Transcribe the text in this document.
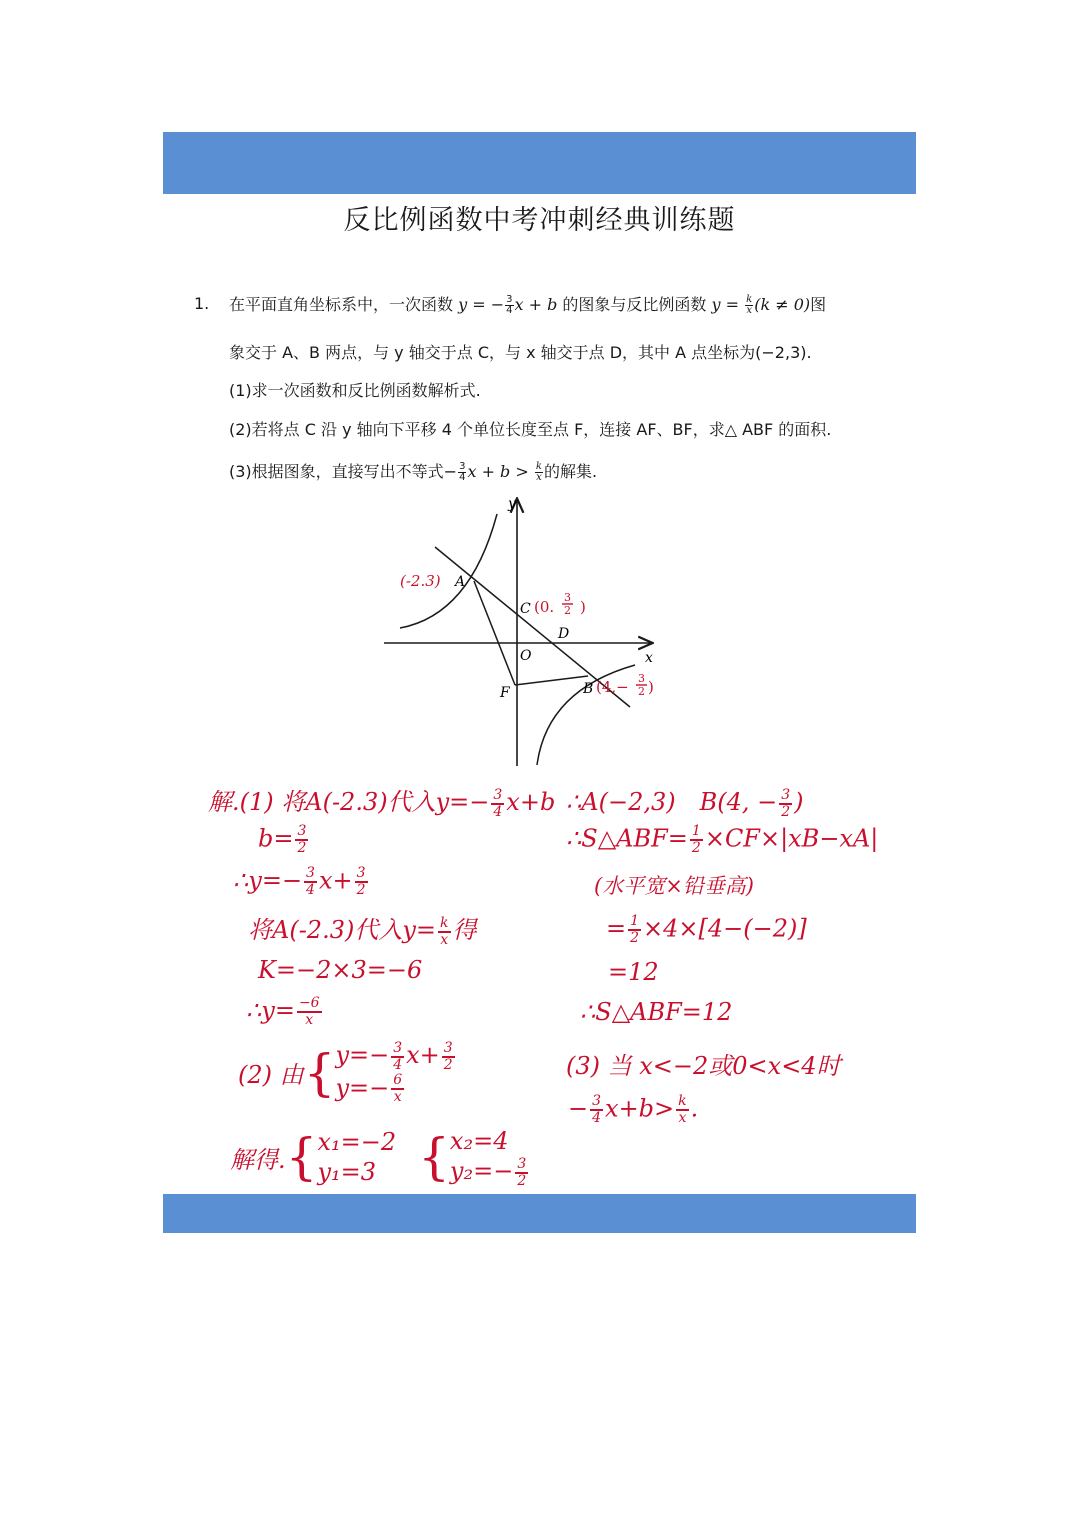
反比例函数中考冲刺经典训练题
1. 在平面直角坐标系中，一次函数 y = − $\frac{3}{4}$ x + b 的图象与反比例函数 $y = \frac{k}{x} (k \ne 0)$图
象交于 A、B 两点，与 y 轴交于点 C，与 x 轴交于点 D，其中 A 点坐标为(−2,3).
(1)求一次函数和反比例函数解析式.
(2)若将点 C 沿 y 轴向下平移 4 个单位长度至点 F，连接 AF、BF，求△ ABF 的面积.
(3)根据图象，直接写出不等式− $\frac{3}{4}$ $x + b > \frac{k}{x}$ 的解集.
y
x
O
A
(-2.3)
C (0.
3
2 )
D
F	B (4,− 3
2 )
解.(1) 将A(-2.3)代入$y=- \frac{3}{4} x+b$
$b= \frac{3}{2}$
∴y=− $\frac{3}{4} x+ \frac{3}{2}$
将A(-2.3)代入$y= \frac{k}{x}$ 得
K=−2×3=−6
∴y= $\frac{-6}{x}$
(2) 由{ $y=- \frac{3}{4} x+ \frac{3}{2}$
$y=- \frac{6}{x}$
解得.{ x₁=−2
y₁=3 { x₂=4
$y_2=- \frac{3}{2}$
∴A(−2,3)　B(4, − $\frac{3}{2}$ )
∴S△ABF= $\frac{1}{2} \times CF\times|xB-xA|$
(水平宽×铅垂高)
= $\frac{1}{2} \times 4\times[4-(-2)]$
=12
∴S△ABF=12
(3) 当 x<−2或0<x<4时
− $\frac{3}{4} x+b> \frac{k}{x}$ .
